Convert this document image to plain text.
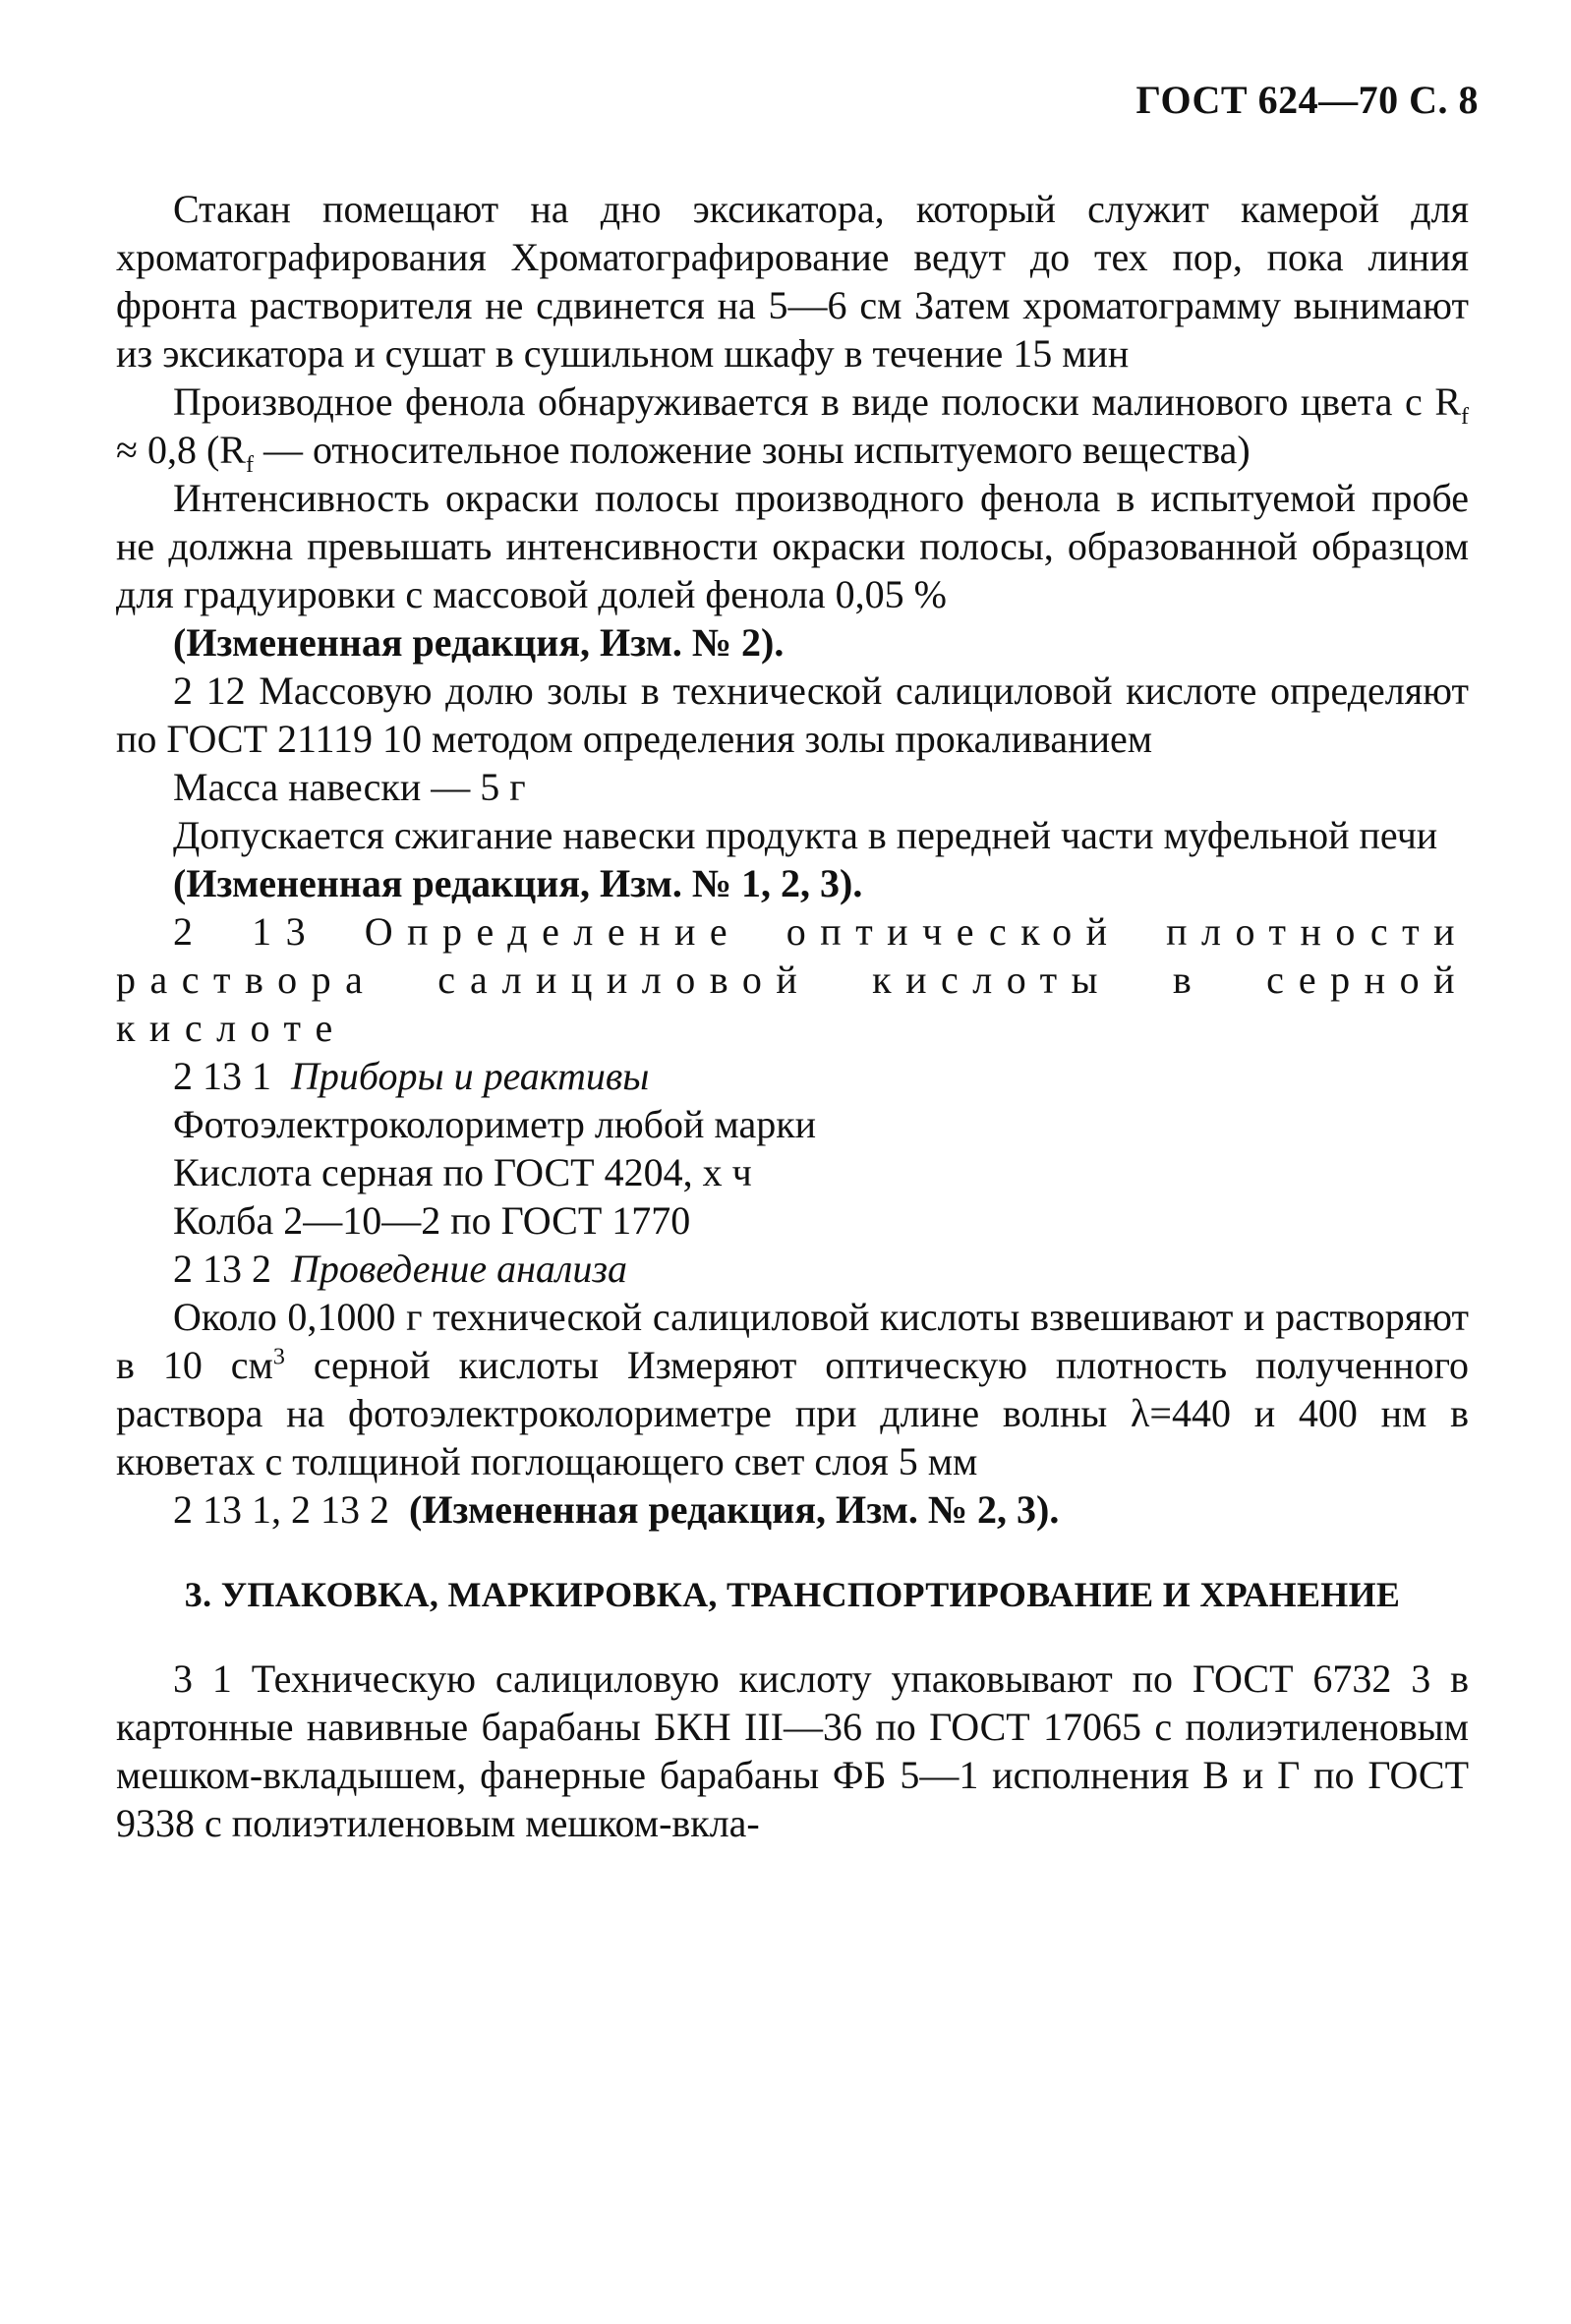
ГОСТ 624—70 С. 8

Стакан помещают на дно эксикатора, который служит камерой для хроматографирования Хроматографирование ведут до тех пор, пока линия фронта растворителя не сдвинется на 5—6 см Затем хроматограмму вынимают из эксикатора и сушат в сушильном шкафу в течение 15 мин

Производное фенола обнаруживается в виде полоски малинового цвета с $R_f \approx 0,8$ ($R_f$ — относительное положение зоны испытуемого вещества)

Интенсивность окраски полосы производного фенола в испытуемой пробе не должна превышать интенсивности окраски полосы, образованной образцом для градуировки с массовой долей фенола 0,05 %

(Измененная редакция, Изм. № 2).

2 12 Массовую долю золы в технической салициловой кислоте определяют по ГОСТ 21119 10 методом определения золы прокаливанием

Масса навески — 5 г

Допускается сжигание навески продукта в передней части муфельной печи

(Измененная редакция, Изм. № 1, 2, 3).

2 13 Определение оптической плотности раствора салициловой кислоты в серной кислоте

2 13 1 Приборы и реактивы

Фотоэлектроколориметр любой марки

Кислота серная по ГОСТ 4204, х ч

Колба 2—10—2 по ГОСТ 1770

2 13 2 Проведение анализа

Около 0,1000 г технической салициловой кислоты взвешивают и растворяют в 10 $см^3$ серной кислоты Измеряют оптическую плотность полученного раствора на фотоэлектроколориметре при длине волны λ=440 и 400 нм в кюветах с толщиной поглощающего свет слоя 5 мм

2 13 1, 2 13 2 (Измененная редакция, Изм. № 2, 3).

3. УПАКОВКА, МАРКИРОВКА, ТРАНСПОРТИРОВАНИЕ И ХРАНЕНИЕ

3 1 Техническую салициловую кислоту упаковывают по ГОСТ 6732 3 в картонные навивные барабаны БКН III—36 по ГОСТ 17065 с полиэтиленовым мешком-вкладышем, фанерные барабаны ФБ 5—1 исполнения В и Г по ГОСТ 9338 с полиэтиленовым мешком-вкла-
